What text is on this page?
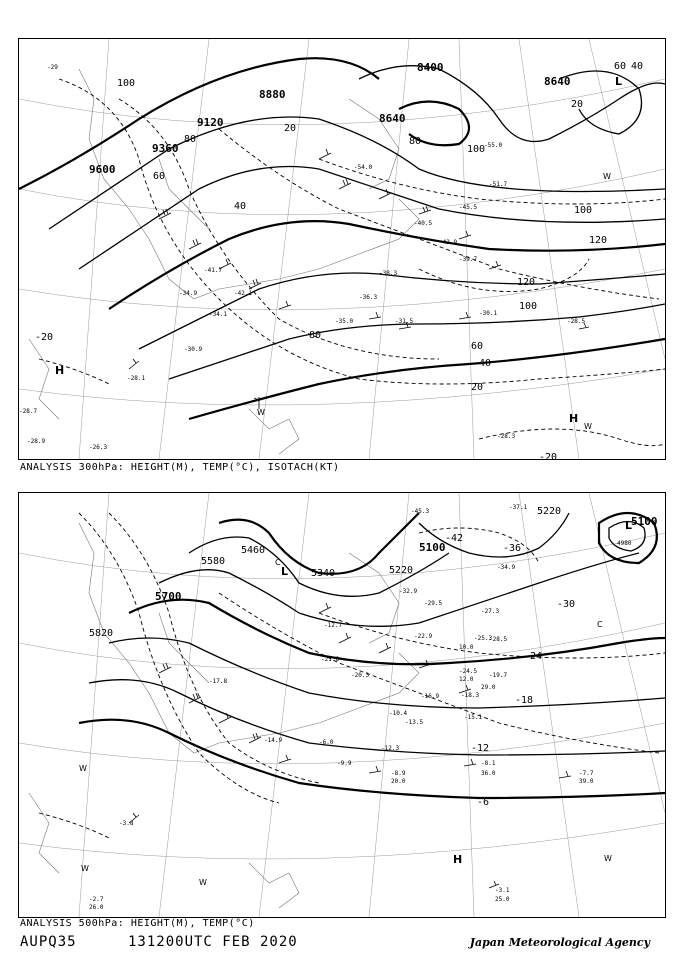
8400
8640
8640
8880
9120
9360
9600
100
80
60
40
20
100
80
120
100
80
60
40
20
100
120
60 40
20
-20
-20
-55.0
-51.7
-54.0
-45.5
-42.9
-40.5
-39.7
-38.3
-36.3
-35.0	-31.5
-30.1
-34.1
-42.1
-41.7
-34.9
-30.9
-28.3
-28.1
-28.7
-26.3
-28.9
-28.5
-29
H
H
L
W
W
W
ANALYSIS 300hPa: HEIGHT(M), TEMP(°C), ISOTACH(KT)
5100
5100
5220
5220
5340
5460
5580
5700
5820
4980
-42
-36
-30
-24
-18
-12
-6
L
L
H
C
C
W
W
W
W
-32.9
-29.5
-27.3
-25.3
-22.9
-21.8
-20.3	-19.7
-18.3
-17.8
-16.9
-15.1
-14.9
-13.5
-12.7
-12.3
-10.4
-9.9
-8.9
-8.1
-7.7
-6.0
-3.8
-3.1
-2.7
-24.5
-28.5
-34.9
-37.1
-45.3
10.0
12.0
20.0
25.0
26.0
29.0
36.0
39.0
ANALYSIS 500hPa: HEIGHT(M), TEMP(°C)
AUPQ35	131200UTC FEB 2020	Japan Meteorological Agency
